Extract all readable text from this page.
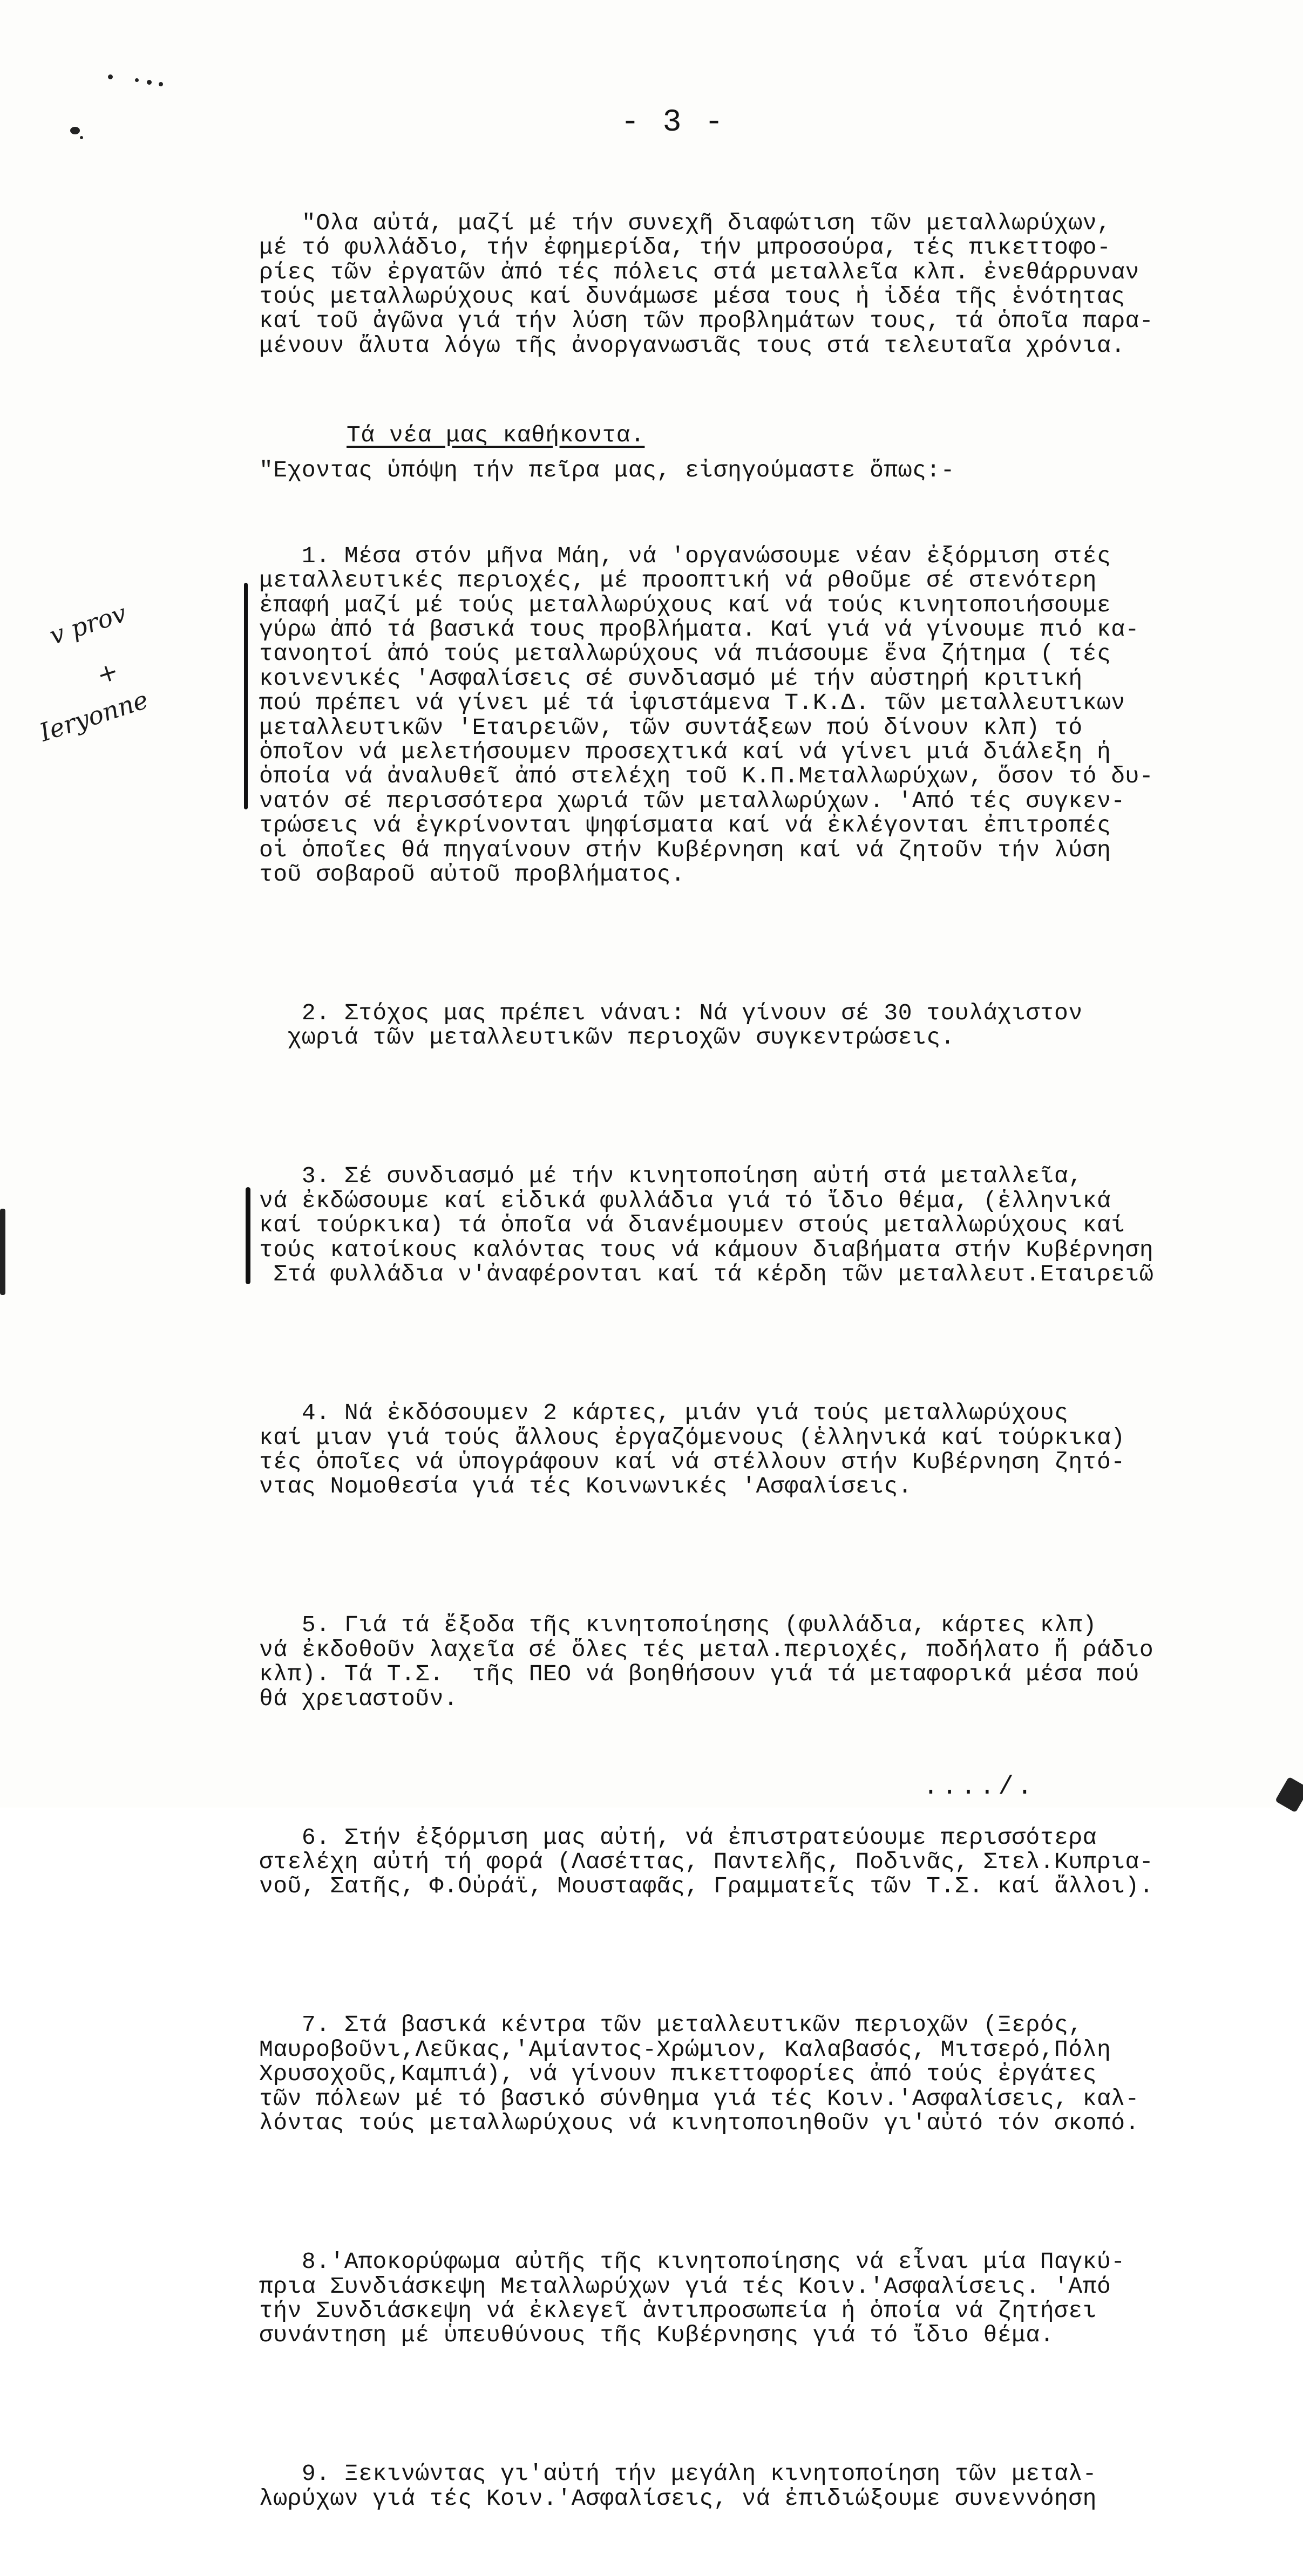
- 3 -

"Ολα αὐτά, μαζί μέ τήν συνεχῆ διαφώτιση τῶν μεταλλωρύχων,
μέ τό φυλλάδιο, τήν ἐφημερίδα, τήν μπροσούρα, τές πικεττοφο-
ρίες τῶν ἐργατῶν ἀπό τές πόλεις στά μεταλλεῖα κλπ. ἐνεθάρρυναν
τούς μεταλλωρύχους καί δυνάμωσε μέσα τους ἡ ἰδέα τῆς ἑνότητας
καί τοῦ ἀγῶνα γιά τήν λύση τῶν προβλημάτων τους, τά ὁποῖα παρα-
μένουν ἄλυτα λόγω τῆς ἀνοργανωσιᾶς τους στά τελευταῖα χρόνια.

Τά νέα μας καθήκοντα.

"Εχοντας ὑπόψη τήν πεῖρα μας, εἰσηγούμαστε ὅπως:-

1. Μέσα στόν μῆνα Μάη, νά 'οργανώσουμε νέαν ἐξόρμιση στές
μεταλλευτικές περιοχές, μέ προοπτική νά ρθοῦμε σέ στενότερη
ἐπαφή μαζί μέ τούς μεταλλωρύχους καί νά τούς κινητοποιήσουμε
γύρω ἀπό τά βασικά τους προβλήματα. Καί γιά νά γίνουμε πιό κα-
τανοητοί ἀπό τούς μεταλλωρύχους νά πιάσουμε ἕνα ζήτημα ( τές
κοινενικές 'Ασφαλίσεις σέ συνδιασμό μέ τήν αὐστηρή κριτική
πού πρέπει νά γίνει μέ τά ἰφιστάμενα Τ.Κ.Δ. τῶν μεταλλευτικων
μεταλλευτικῶν 'Εταιρειῶν, τῶν συντάξεων πού δίνουν κλπ) τό
ὁποῖον νά μελετήσουμεν προσεχτικά καί νά γίνει μιά διάλεξη ἡ
ὁποία νά ἀναλυθεῖ ἀπό στελέχη τοῦ Κ.Π.Μεταλλωρύχων, ὅσον τό δυ-
νατόν σέ περισσότερα χωριά τῶν μεταλλωρύχων. 'Από τές συγκεν-
τρώσεις νά ἐγκρίνονται ψηφίσματα καί νά ἐκλέγονται ἐπιτροπές
οἱ ὁποῖες θά πηγαίνουν στήν Κυβέρνηση καί νά ζητοῦν τήν λύση
τοῦ σοβαροῦ αὐτοῦ προβλήματος.

2. Στόχος μας πρέπει νάναι: Νά γίνουν σέ 30 τουλάχιστον
χωριά τῶν μεταλλευτικῶν περιοχῶν συγκεντρώσεις.

3. Σέ συνδιασμό μέ τήν κινητοποίηση αὐτή στά μεταλλεῖα,
νά ἐκδώσουμε καί εἰδικά φυλλάδια γιά τό ἴδιο θέμα, (ἑλληνικά
καί τούρκικα) τά ὁποῖα νά διανέμουμεν στούς μεταλλωρύχους καί
τούς κατοίκους καλόντας τους νά κάμουν διαβήματα στήν Κυβέρνηση
Στά φυλλάδια ν'ἀναφέρονται καί τά κέρδη τῶν μεταλλευτ.Εταιρειῶ

4. Νά ἐκδόσουμεν 2 κάρτες, μιάν γιά τούς μεταλλωρύχους
καί μιαν γιά τούς ἄλλους ἐργαζόμενους (ἑλληνικά καί τούρκικα)
τές ὁποῖες νά ὑπογράφουν καί νά στέλλουν στήν Κυβέρνηση ζητό-
ντας Νομοθεσία γιά τές Κοινωνικές 'Ασφαλίσεις.

5. Γιά τά ἔξοδα τῆς κινητοποίησης (φυλλάδια, κάρτες κλπ)
νά ἐκδοθοῦν λαχεῖα σέ ὅλες τές μεταλ.περιοχές, ποδήλατο ἤ ράδιο
κλπ). Τά Τ.Σ.  τῆς ΠΕΟ νά βοηθήσουν γιά τά μεταφορικά μέσα πού
θά χρειαστοῦν.

6. Στήν ἐξόρμιση μας αὐτή, νά ἐπιστρατεύουμε περισσότερα
στελέχη αὐτή τή φορά (Λασέττας, Παντελῆς, Ποδινᾶς, Στελ.Κυπρια-
νοῦ, Σατῆς, Φ.Οὐράϊ, Μουσταφᾶς, Γραμματεῖς τῶν Τ.Σ. καί ἄλλοι).

7. Στά βασικά κέντρα τῶν μεταλλευτικῶν περιοχῶν (Ξερός,
Μαυροβοῦνι,Λεῦκας,'Αμίαντος-Χρώμιον, Καλαβασός, Μιτσερό,Πόλη
Χρυσοχοῦς,Καμπιά), νά γίνουν πικεττοφορίες ἀπό τούς ἐργάτες
τῶν πόλεων μέ τό βασικό σύνθημα γιά τές Κοιν.'Ασφαλίσεις, καλ-
λόντας τούς μεταλλωρύχους νά κινητοποιηθοῦν γι'αὐτό τόν σκοπό.

8.'Αποκορύφωμα αὐτῆς τῆς κινητοποίησης νά εἶναι μία Παγκύ-
πρια Συνδιάσκεψη Μεταλλωρύχων γιά τές Κοιν.'Ασφαλίσεις. 'Από
τήν Συνδιάσκεψη νά ἐκλεγεῖ ἀντιπροσωπεία ἡ ὁποία νά ζητήσει
συνάντηση μέ ὑπευθύνους τῆς Κυβέρνησης γιά τό ἴδιο θέμα.

9. Ξεκινώντας γι'αὐτή τήν μεγάλη κινητοποίηση τῶν μεταλ-
λωρύχων γιά τές Κοιν.'Ασφαλίσεις, νά ἐπιδιώξουμε συνεννόηση

v prov
+
Ieryonne
..../.
